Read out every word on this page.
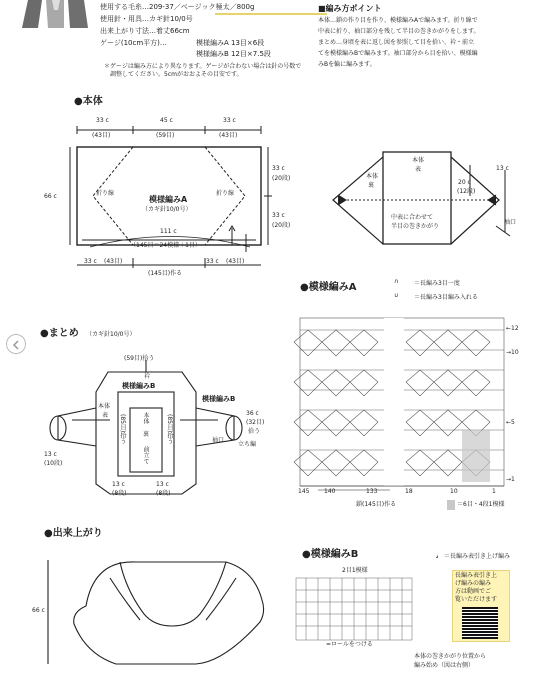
使用する毛糸…209-37／ベージック極太／800g
使用針・用具…カギ針10/0号
出来上がり寸法…着丈66cm
ゲージ(10cm平方)…	模様編みA 13目×6段
模様編みB 12目×7.5段
＊ゲージは編み方により異なります。ゲージが合わない場合は針の号数で
調整してください。5cmがおおよその目安です。
■編み方ポイント
本体…鎖の作り目を作り、模様編みAで編みます。折り線で
中表に折り、袖口部分を残して半目の巻きかがりをします。
まとめ…身頃を表に返し図を参照して目を拾い、衿・前立
てを模様編みBで編みます。袖口部分から目を拾い、模様編
みBを輪に編みます。
●本体
33 c
(43目)
45 c
(59目)
33 c
(43目)
66 c
33 c
(20段)
33 c
(20段)
33 c (43目)	33 c (43目)
(145目)作る
折り線	折り線
模様編みA
（カギ針10/0号）
111 c
（145目＝24模様＋1目）
本体
表
本体
裏
中表に合わせて
半目の巻きかがり
20 c
(12段)
13 c
袖口
●模様編みA	＝長編み3目一度
＝長編み3目編み入れる
∩
∪
←12
→10
←5
→1
145 140	133	18	10	1
鎖(145目)作る	＝6目・4段1模様
●まとめ （カギ針10/0号）
(59目)拾う
衿
模様編みB
本体
表 (85目)拾う	(85目)拾う
本体
裏
前立て
模様編みB
36 c
(32目)
拾う
袖口
立ち編
13 c
(10段)
13 c
(8段)
13 c
(8段)
●出来上がり
66 c
●模様編みB
2目1模様
=ロールをつける
＝長編み表引き上げ編み
𝓈
長編み表引き上
げ編みの編み
方は動画でご
覧いただけます
本体の巻きかがり位置から
編み始め（図は右側）
